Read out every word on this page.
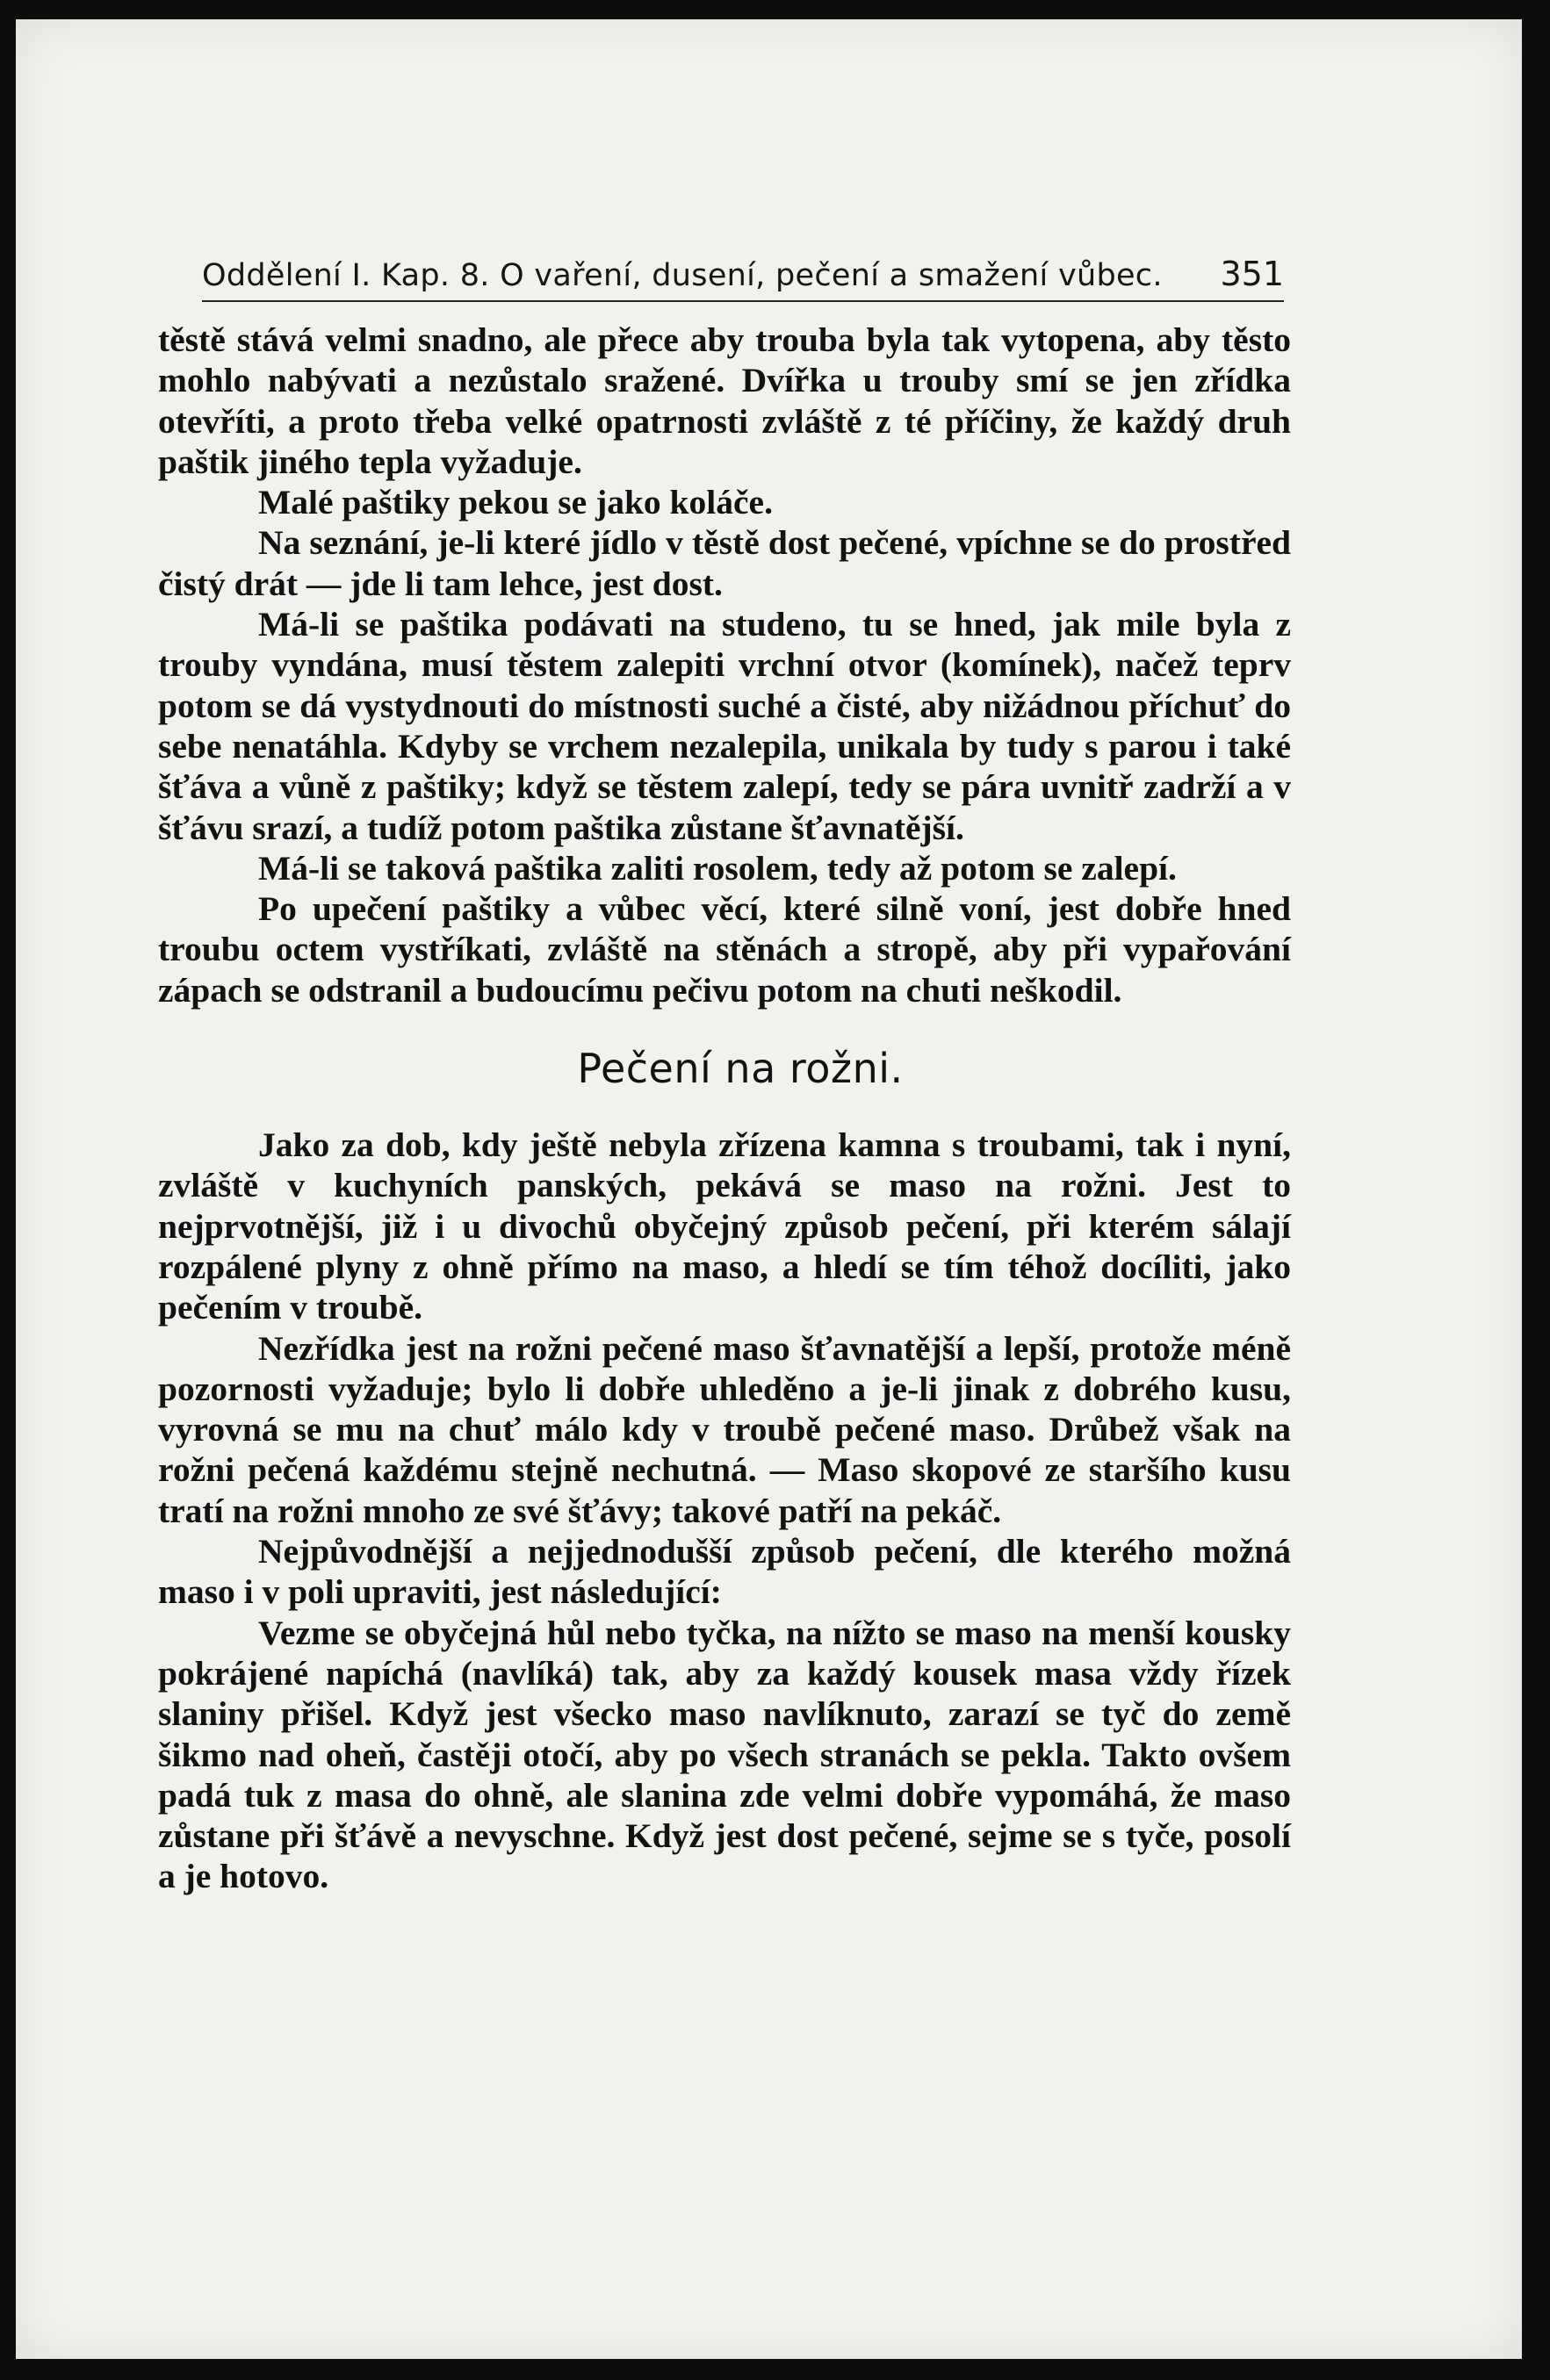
Oddělení I. Kap. 8. O vaření, dusení, pečení a smažení vůbec. 351

těstě stává velmi snadno, ale přece aby trouba byla tak vytopena, aby těsto mohlo nabývati a nezůstalo sražené. Dvířka u trouby smí se jen zřídka otevříti, a proto třeba velké opatrnosti zvláště z té příčiny, že každý druh paštik jiného tepla vyžaduje.

Malé paštiky pekou se jako koláče.

Na seznání, je-li které jídlo v těstě dost pečené, vpíchne se do prostřed čistý drát — jde li tam lehce, jest dost.

Má-li se paštika podávati na studeno, tu se hned, jak mile byla z trouby vyndána, musí těstem zalepiti vrchní otvor (komínek), načež teprv potom se dá vystydnouti do místnosti suché a čisté, aby nižádnou příchuť do sebe nenatáhla. Kdyby se vrchem nezalepila, unikala by tudy s parou i také šťáva a vůně z paštiky; když se těstem zalepí, tedy se pára uvnitř zadrží a v šťávu srazí, a tudíž potom paštika zůstane šťavnatější.

Má-li se taková paštika zaliti rosolem, tedy až potom se zalepí.

Po upečení paštiky a vůbec věcí, které silně voní, jest dobře hned troubu octem vystříkati, zvláště na stěnách a stropě, aby při vypařování zápach se odstranil a budoucímu pečivu potom na chuti neškodil.

Pečení na rožni.

Jako za dob, kdy ještě nebyla zřízena kamna s troubami, tak i nyní, zvláště v kuchyních panských, pekává se maso na rožni. Jest to nejprvotnější, již i u divochů obyčejný způsob pečení, při kterém sálají rozpálené plyny z ohně přímo na maso, a hledí se tím téhož docíliti, jako pečením v troubě.

Nezřídka jest na rožni pečené maso šťavnatější a lepší, protože méně pozornosti vyžaduje; bylo li dobře uhleděno a je-li jinak z dobrého kusu, vyrovná se mu na chuť málo kdy v troubě pečené maso. Drůbež však na rožni pečená každému stejně nechutná. — Maso skopové ze staršího kusu tratí na rožni mnoho ze své šťávy; takové patří na pekáč.

Nejpůvodnější a nejjednodušší způsob pečení, dle kterého možná maso i v poli upraviti, jest následující:

Vezme se obyčejná hůl nebo tyčka, na nížto se maso na menší kousky pokrájené napíchá (navlíká) tak, aby za každý kousek masa vždy řízek slaniny přišel. Když jest všecko maso navlíknuto, zarazí se tyč do země šikmo nad oheň, častěji otočí, aby po všech stranách se pekla. Takto ovšem padá tuk z masa do ohně, ale slanina zde velmi dobře vypomáhá, že maso zůstane při šťávě a nevyschne. Když jest dost pečené, sejme se s tyče, posolí a je hotovo.
